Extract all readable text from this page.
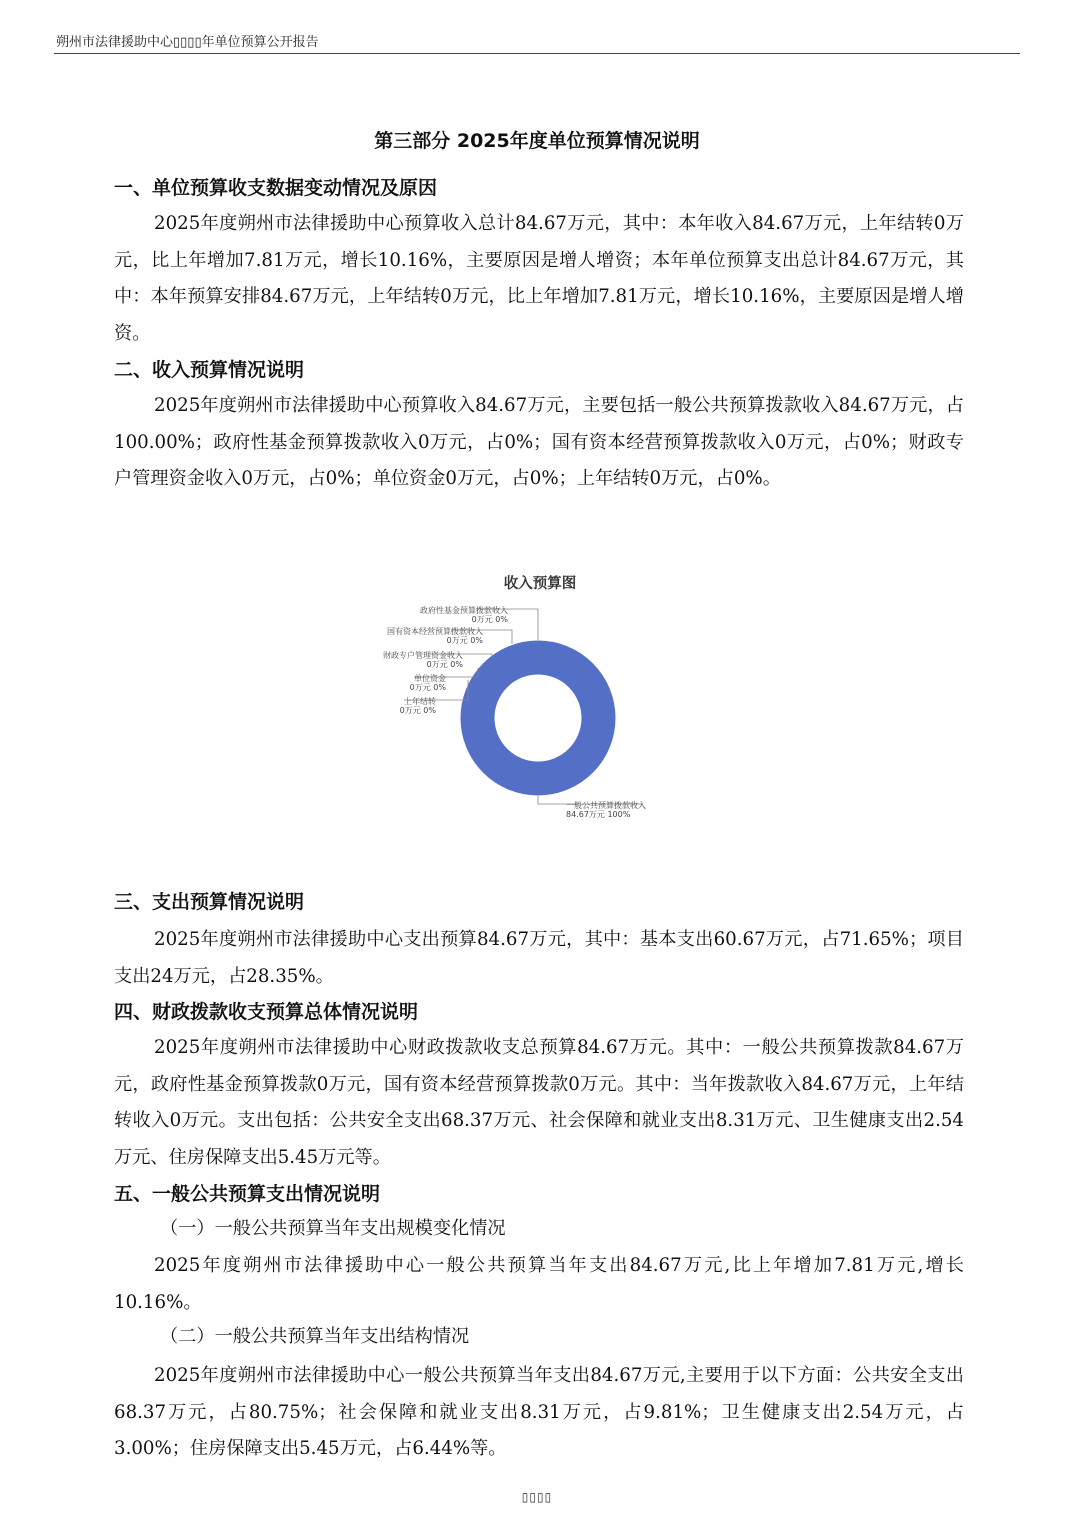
朔州市法律援助中心▯▯▯▯年单位预算公开报告
第三部分 2025年度单位预算情况说明
一、单位预算收支数据变动情况及原因
2025年度朔州市法律援助中心预算收入总计84.67万元，其中：本年收入84.67万元，上年结转0万元，比上年增加7.81万元，增长10.16%，主要原因是增人增资；本年单位预算支出总计84.67万元，其中：本年预算安排84.67万元，上年结转0万元，比上年增加7.81万元，增长10.16%，主要原因是增人增资。
二、收入预算情况说明
2025年度朔州市法律援助中心预算收入84.67万元，主要包括一般公共预算拨款收入84.67万元，占100.00%；政府性基金预算拨款收入0万元，占0%；国有资本经营预算拨款收入0万元，占0%；财政专户管理资金收入0万元，占0%；单位资金0万元，占0%；上年结转0万元，占0%。
收入预算图
一般公共预算拨款收入
84.67万元 100%
政府性基金预算拨款收入
0万元 0%
国有资本经营预算拨款收入
0万元 0%
财政专户管理资金收入
0万元 0%
单位资金
0万元 0%
上年结转
0万元 0%
三、支出预算情况说明
2025年度朔州市法律援助中心支出预算84.67万元，其中：基本支出60.67万元，占71.65%；项目支出24万元，占28.35%。
四、财政拨款收支预算总体情况说明
2025年度朔州市法律援助中心财政拨款收支总预算84.67万元。其中：一般公共预算拨款84.67万元，政府性基金预算拨款0万元，国有资本经营预算拨款0万元。其中：当年拨款收入84.67万元，上年结转收入0万元。支出包括：公共安全支出68.37万元、社会保障和就业支出8.31万元、卫生健康支出2.54万元、住房保障支出5.45万元等。
五、一般公共预算支出情况说明
（一）一般公共预算当年支出规模变化情况
2025年度朔州市法律援助中心一般公共预算当年支出84.67万元,比上年增加7.81万元,增长10.16%。
（二）一般公共预算当年支出结构情况
2025年度朔州市法律援助中心一般公共预算当年支出84.67万元,主要用于以下方面：公共安全支出68.37万元，占80.75%；社会保障和就业支出8.31万元，占9.81%；卫生健康支出2.54万元，占3.00%；住房保障支出5.45万元，占6.44%等。
▯▯▯▯
